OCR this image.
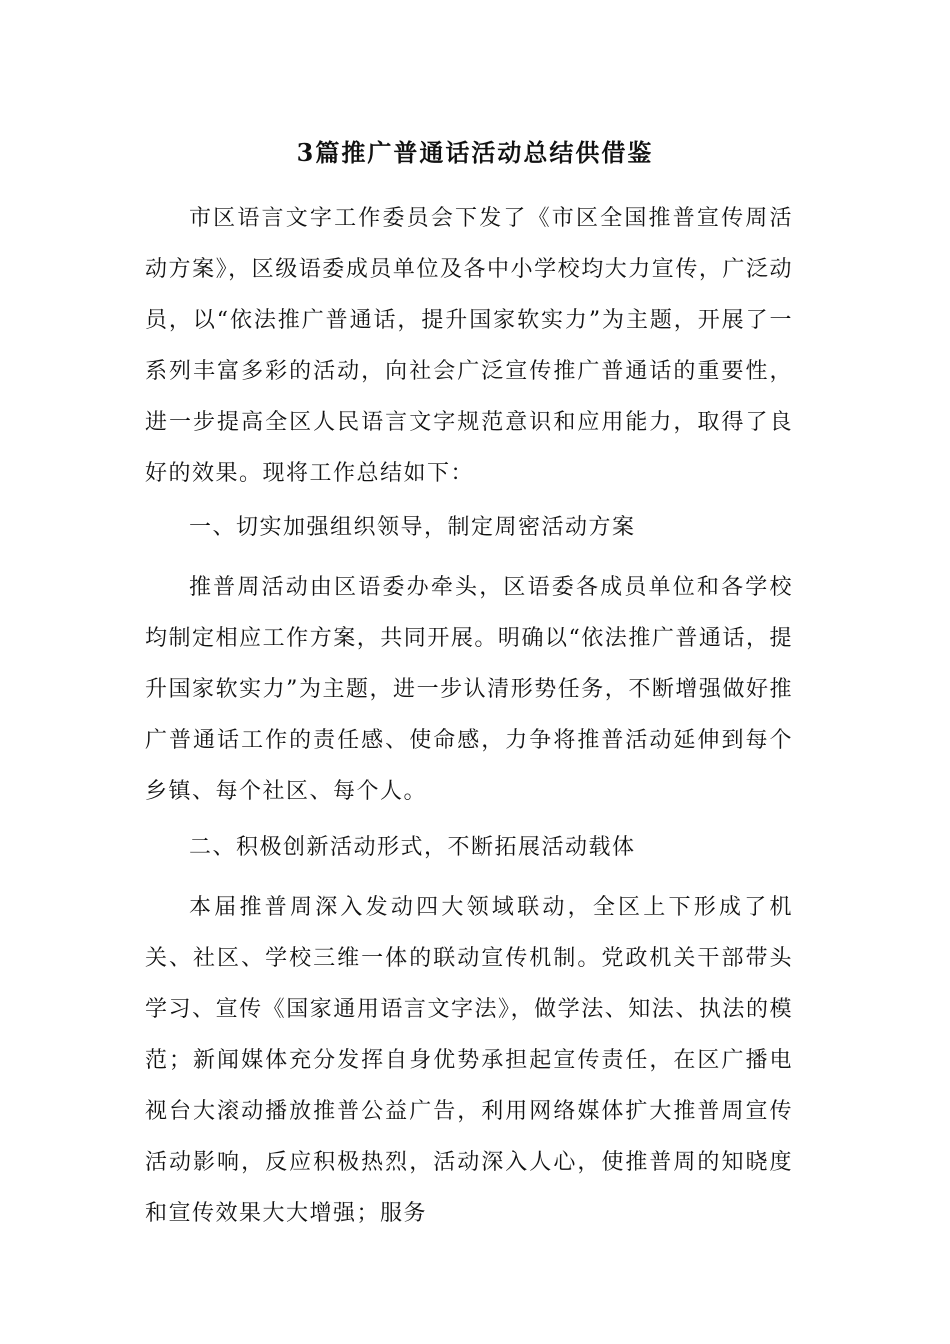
3篇推广普通话活动总结供借鉴

市区语言文字工作委员会下发了《市区全国推普宣传周活动方案》，区级语委成员单位及各中小学校均大力宣传，广泛动员，以“依法推广普通话，提升国家软实力”为主题，开展了一系列丰富多彩的活动，向社会广泛宣传推广普通话的重要性，进一步提高全区人民语言文字规范意识和应用能力，取得了良好的效果。现将工作总结如下：

一、切实加强组织领导，制定周密活动方案

推普周活动由区语委办牵头，区语委各成员单位和各学校均制定相应工作方案，共同开展。明确以“依法推广普通话，提升国家软实力”为主题，进一步认清形势任务，不断增强做好推广普通话工作的责任感、使命感，力争将推普活动延伸到每个乡镇、每个社区、每个人。

二、积极创新活动形式，不断拓展活动载体

本届推普周深入发动四大领域联动，全区上下形成了机关、社区、学校三维一体的联动宣传机制。党政机关干部带头学习、宣传《国家通用语言文字法》，做学法、知法、执法的模范；新闻媒体充分发挥自身优势承担起宣传责任，在区广播电视台大滚动播放推普公益广告，利用网络媒体扩大推普周宣传活动影响，反应积极热烈，活动深入人心，使推普周的知晓度和宣传效果大大增强；服务
